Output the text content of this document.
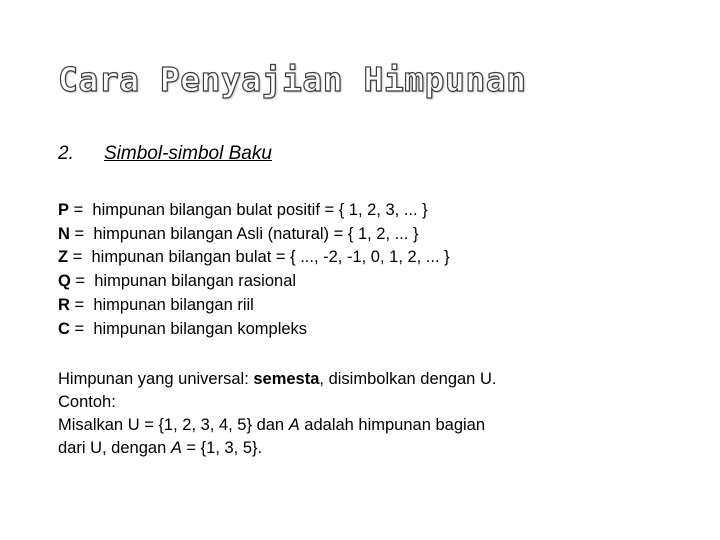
Cara Penyajian Himpunan
2. Simbol-simbol Baku
P =  himpunan bilangan bulat positif = { 1, 2, 3, ... }
N =  himpunan bilangan Asli (natural) = { 1, 2, ... }
Z =  himpunan bilangan bulat = { ..., -2, -1, 0, 1, 2, ... }
Q =  himpunan bilangan rasional
R =  himpunan bilangan riil
C =  himpunan bilangan kompleks
Himpunan yang universal: semesta, disimbolkan dengan U.
Contoh:
Misalkan U = {1, 2, 3, 4, 5} dan A adalah himpunan bagian
dari U, dengan A = {1, 3, 5}.
